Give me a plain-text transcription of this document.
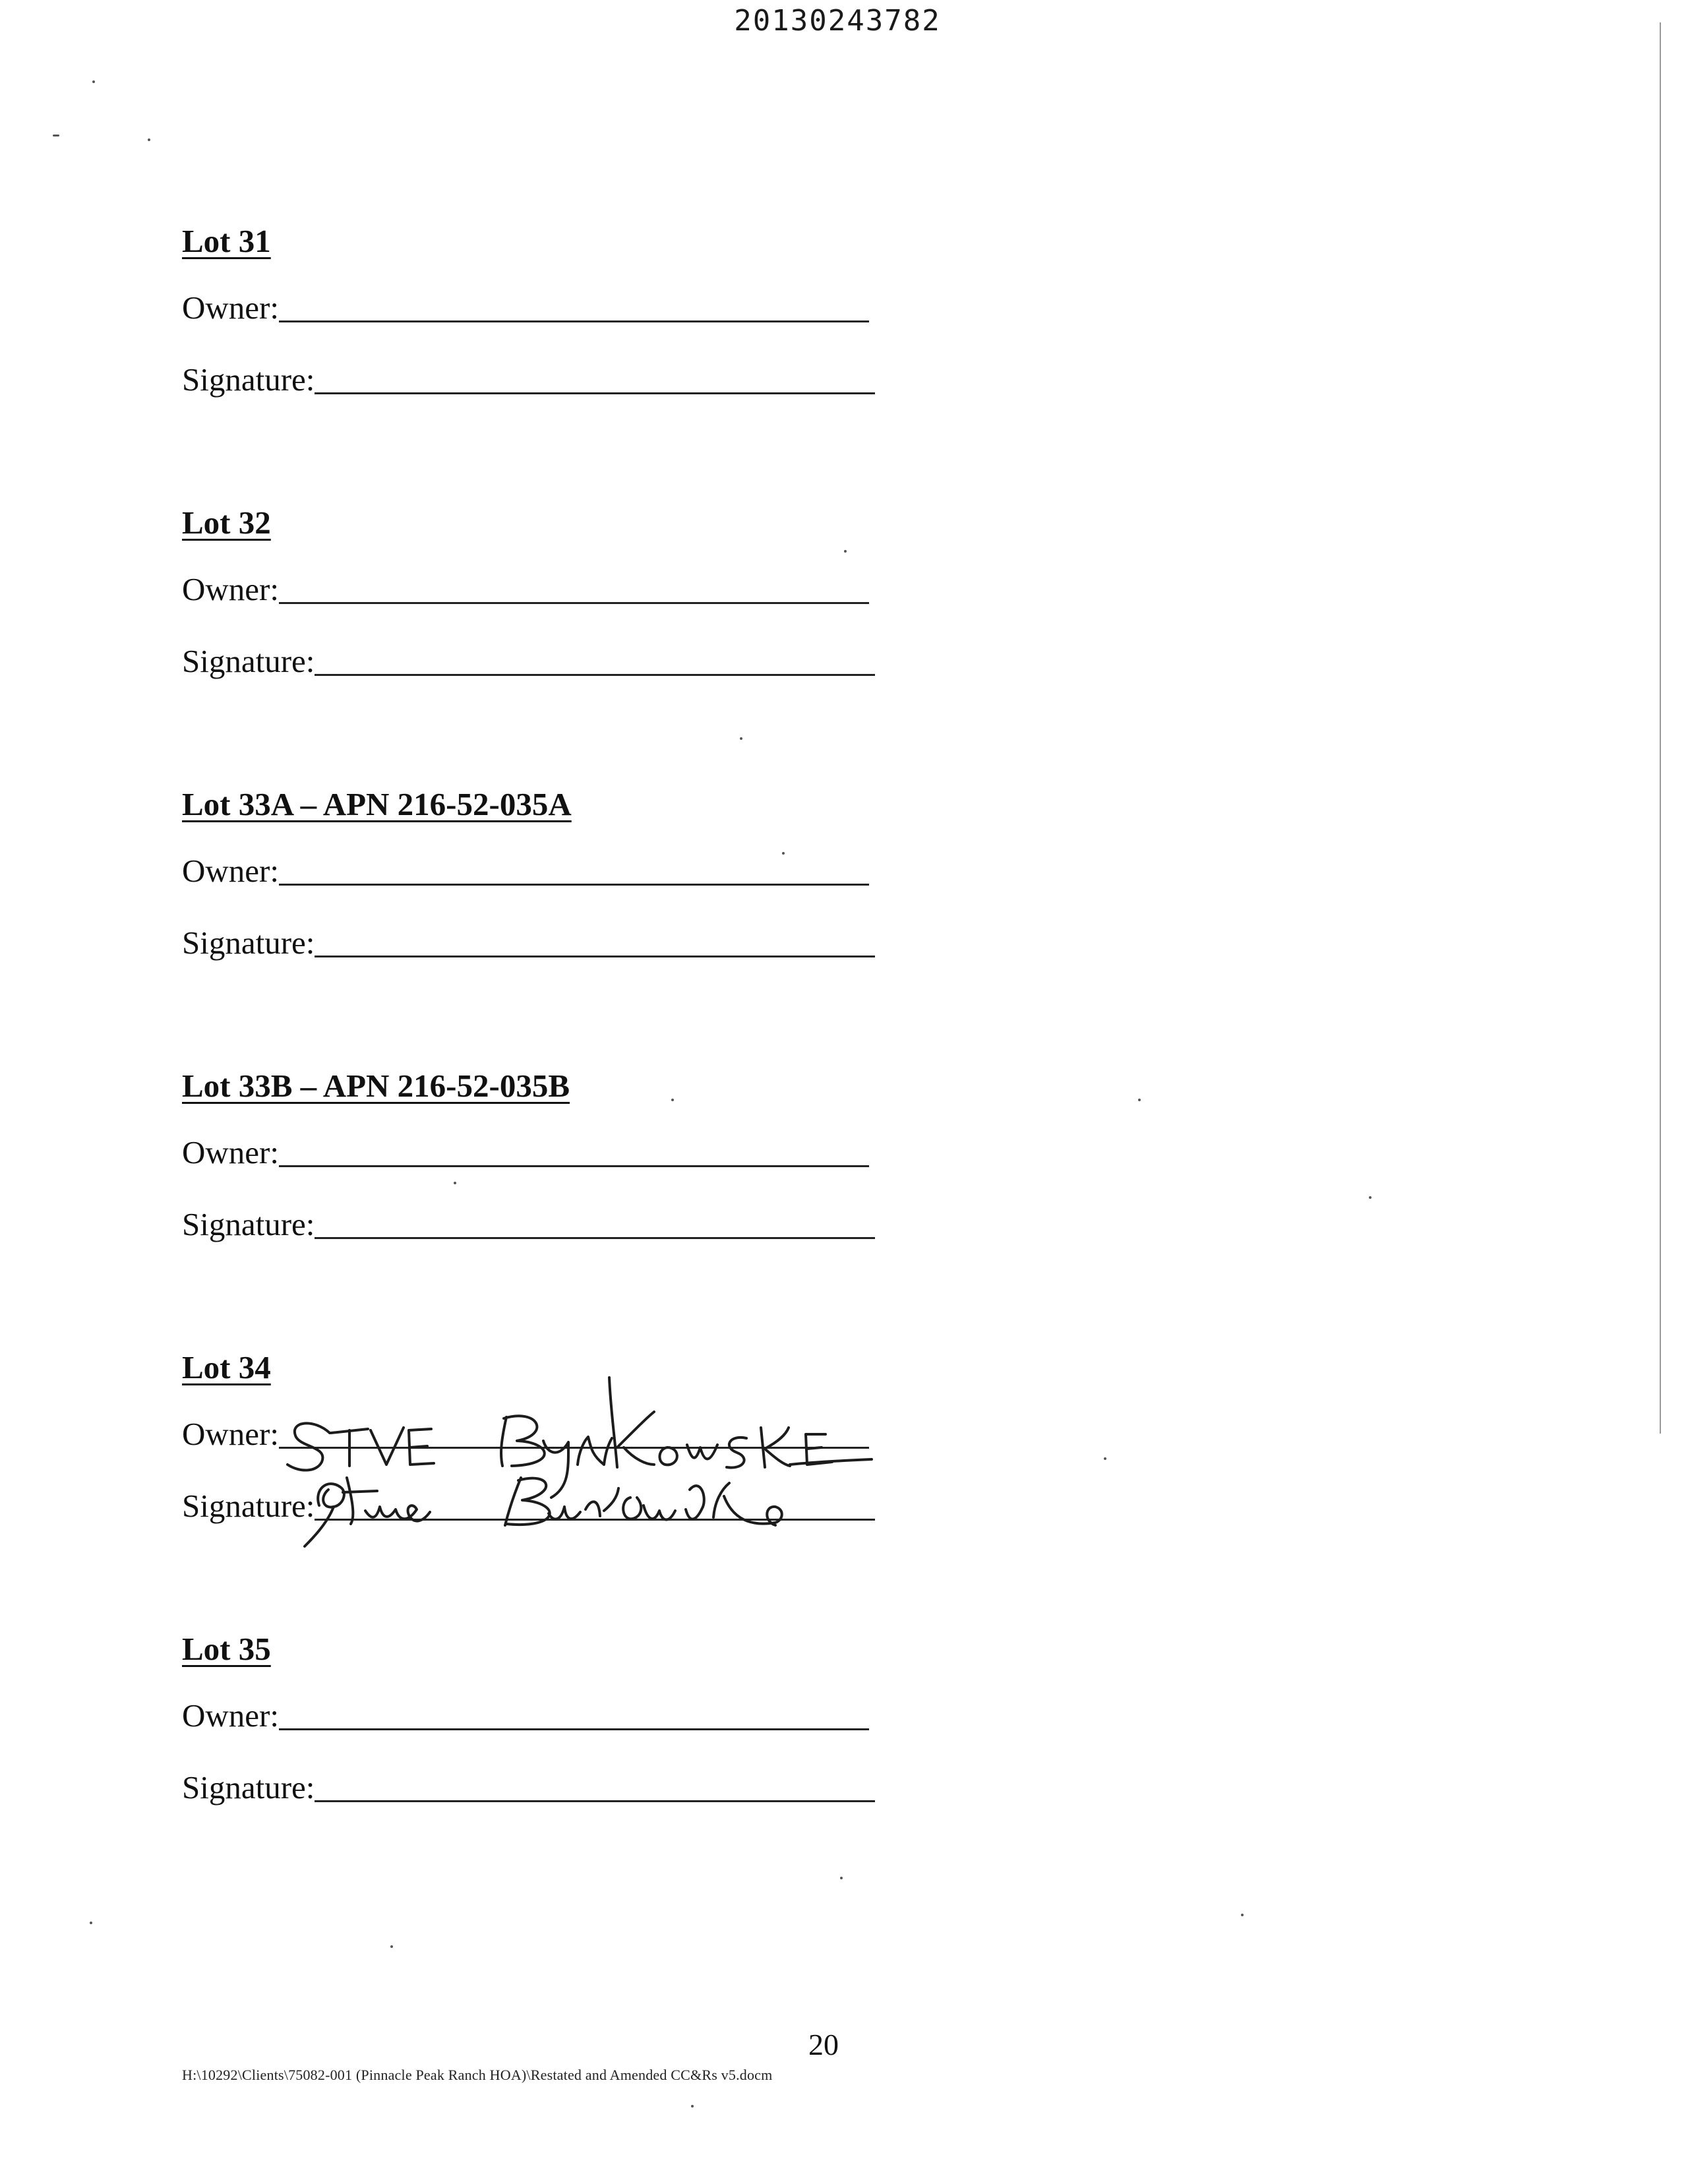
20130243782
Lot 31
Owner:
Signature:
Lot 32
Owner:
Signature:
Lot 33A – APN 216-52-035A
Owner:
Signature:
Lot 33B – APN 216-52-035B
Owner:
Signature:
Lot 34
Owner:
Signature:
Lot 35
Owner:
Signature:
20
H:\10292\Clients\75082-001 (Pinnacle Peak Ranch HOA)\Restated and Amended CC&Rs v5.docm
